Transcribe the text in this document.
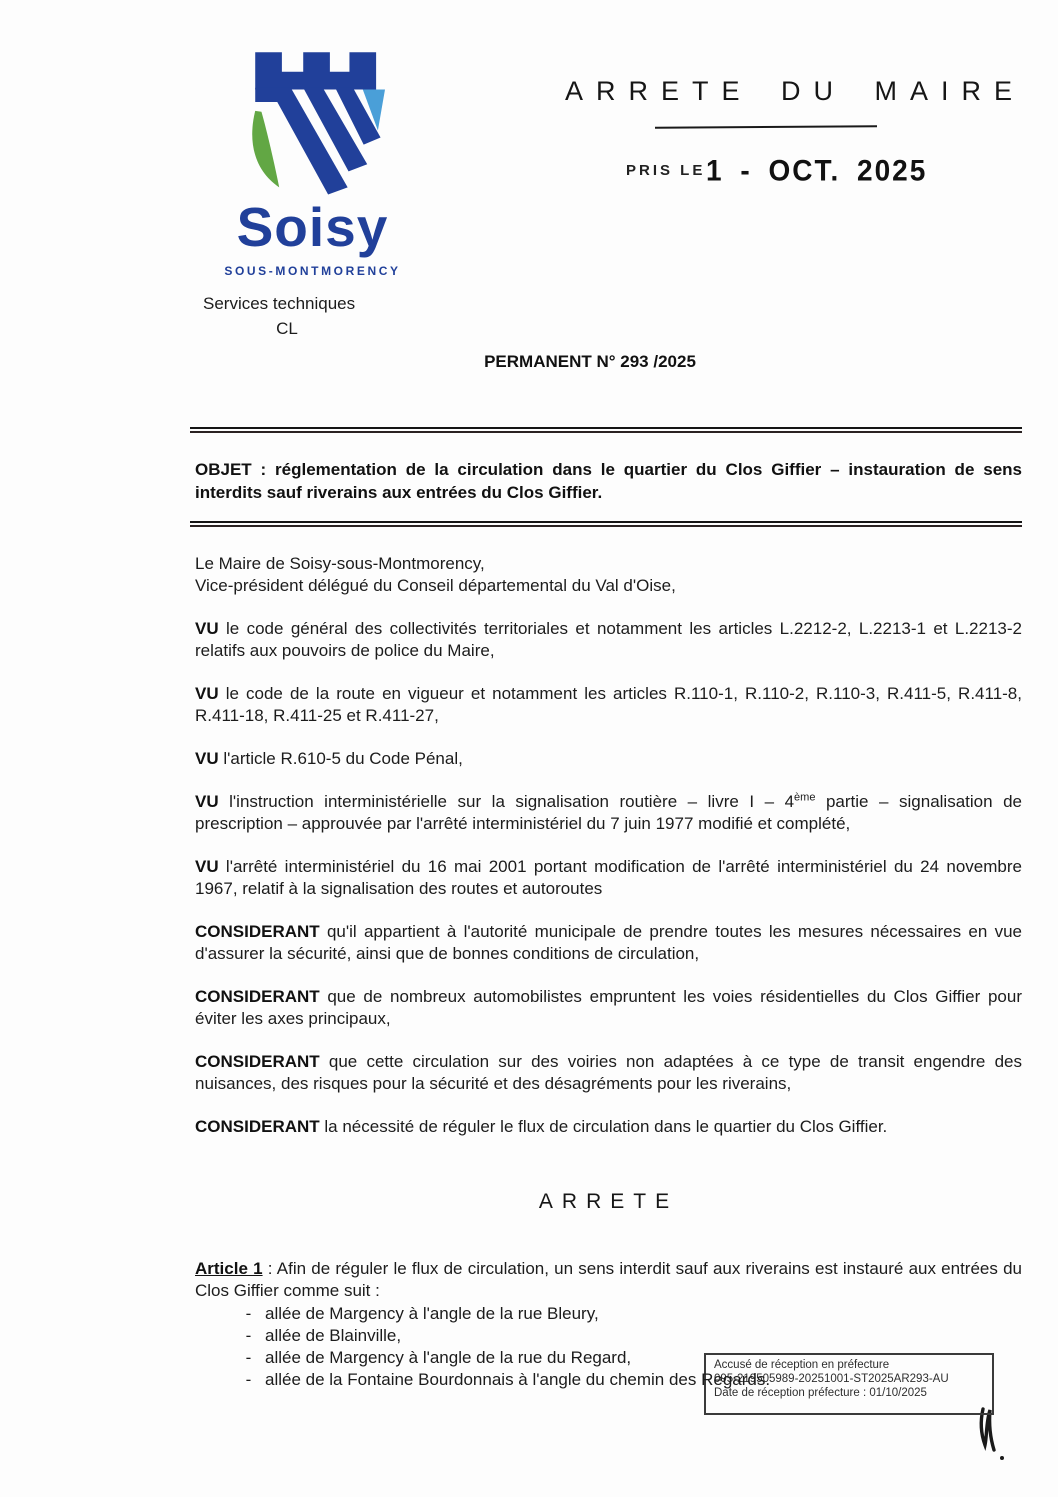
Soisy
SOUS-MONTMORENCY
ARRETE DU MAIRE
PRIS LE 1 - OCT. 2025
Services techniques
CL
PERMANENT N° 293 /2025
OBJET : réglementation de la circulation dans le quartier du Clos Giffier – instauration de sens interdits sauf riverains aux entrées du Clos Giffier.

Le Maire de Soisy-sous-Montmorency,

Vice-président délégué du Conseil départemental du Val d'Oise,

VU le code général des collectivités territoriales et notamment les articles L.2212-2, L.2213-1 et L.2213-2 relatifs aux pouvoirs de police du Maire,

VU le code de la route en vigueur et notamment les articles R.110-1, R.110-2, R.110-3, R.411-5, R.411-8, R.411-18, R.411-25 et R.411-27,

VU l'article R.610-5 du Code Pénal,

VU l'instruction interministérielle sur la signalisation routière – livre I – 4ème partie – signalisation de prescription – approuvée par l'arrêté interministériel du 7 juin 1977 modifié et complété,

VU l'arrêté interministériel du 16 mai 2001 portant modification de l'arrêté interministériel du 24 novembre 1967, relatif à la signalisation des routes et autoroutes

CONSIDERANT qu'il appartient à l'autorité municipale de prendre toutes les mesures nécessaires en vue d'assurer la sécurité, ainsi que de bonnes conditions de circulation,

CONSIDERANT que de nombreux automobilistes empruntent les voies résidentielles du Clos Giffier pour éviter les axes principaux,

CONSIDERANT que cette circulation sur des voiries non adaptées à ce type de transit engendre des nuisances, des risques pour la sécurité et des désagréments pour les riverains,

CONSIDERANT la nécessité de réguler le flux de circulation dans le quartier du Clos Giffier.

ARRETE

Article 1 : Afin de réguler le flux de circulation, un sens interdit sauf aux riverains est instauré aux entrées du Clos Giffier comme suit :

- allée de Margency à l'angle de la rue Bleury,
- allée de Blainville,
- allée de Margency à l'angle de la rue du Regard,
- allée de la Fontaine Bourdonnais à l'angle du chemin des Regards.
Accusé de réception en préfecture
095-219505989-20251001-ST2025AR293-AU
Date de réception préfecture : 01/10/2025
